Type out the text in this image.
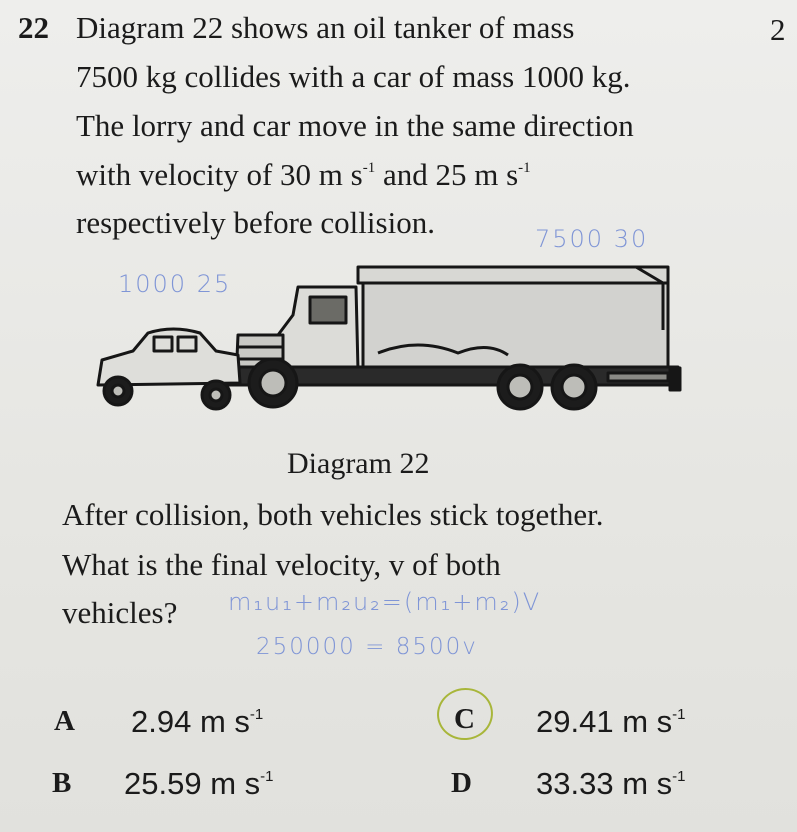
22	2
Diagram 22 shows an oil tanker of mass
7500 kg collides with a car of mass 1000 kg.
The lorry and car move in the same direction
with velocity of 30 m $s^{-1}$ and 25 m $s^{-1}$
respectively before collision.	7500 30
1000 25
Diagram 22
After collision, both vehicles stick together.
What is the final velocity, v of both
vehicles? m₁u₁+m₂u₂=(m₁+m₂)V
250000 = 8500v
A 2.94 m $s^{-1}$
B 25.59 m $s^{-1}$
C 29.41 m $s^{-1}$
D 33.33 m $s^{-1}$
